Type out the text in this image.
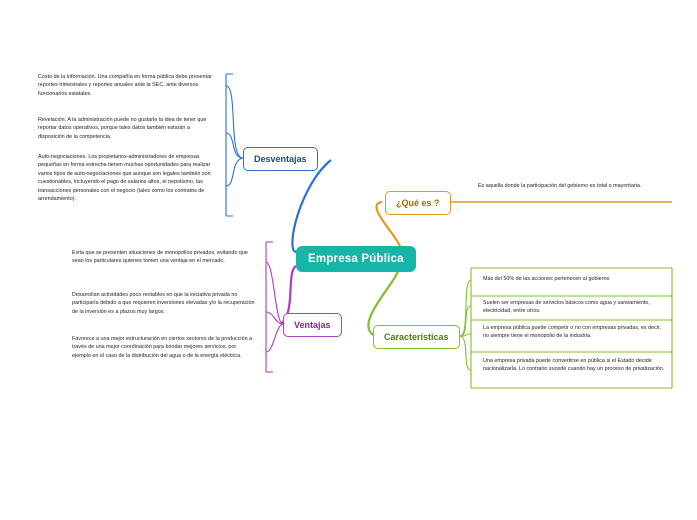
Empresa Pública
Desventajas
Ventajas
¿Qué es ?
Características
Costo de la información. Una compañía en forma pública debe presentar reportes trimestrales y reportes anuales ante la SEC, ante diversos funcionarios estatales.
Revelación. A la administración puede no gustarle la idea de tener que reportar datos operativos, porque tales datos también estarán a disposición de la competencia.
Auto-negociaciones. Los propietarios-administradores de empresas pequeñas en forma estrecha tienen muchas oportunidades para realizar varios tipos de auto-negociaciones que aunque son legales también son cuestionables, incluyendo el pago de salarios altos, el nepotismo, las transacciones personales con el negocio (tales como los contratos de arrendamiento).
Evita que se presenten situaciones de monopolios privados, evitando que sean los particulares quienes tomen una ventaja en el mercado.
Desarrollan actividades poco rentables en que la iniciativa privada no participaría debido a que requieren inversiones elevadas y/o la recuperación de la inversión es a plazos muy largos.
Favorece a una mejor estructuración en ciertos sectores de la producción a través de una mejor coordinación para brindar mejores servicios, por ejemplo en el caso de la distribución del agua o de la energía eléctrica.
Es aquella donde la participación del gobierno es total o mayoritaria.
Más del 50% de las acciones pertenecen al gobierno
Suelen ser empresas de servicios básicos como agua y saneamiento, electricidad, entre otros.
La empresa pública puede competir o no con empresas privadas, es decir, no siempre tiene el monopolio de la industria.
Una empresa privada puede convertirse en pública si el Estado decide nacionalizarla. Lo contrario sucede cuando hay un proceso de privatización.
